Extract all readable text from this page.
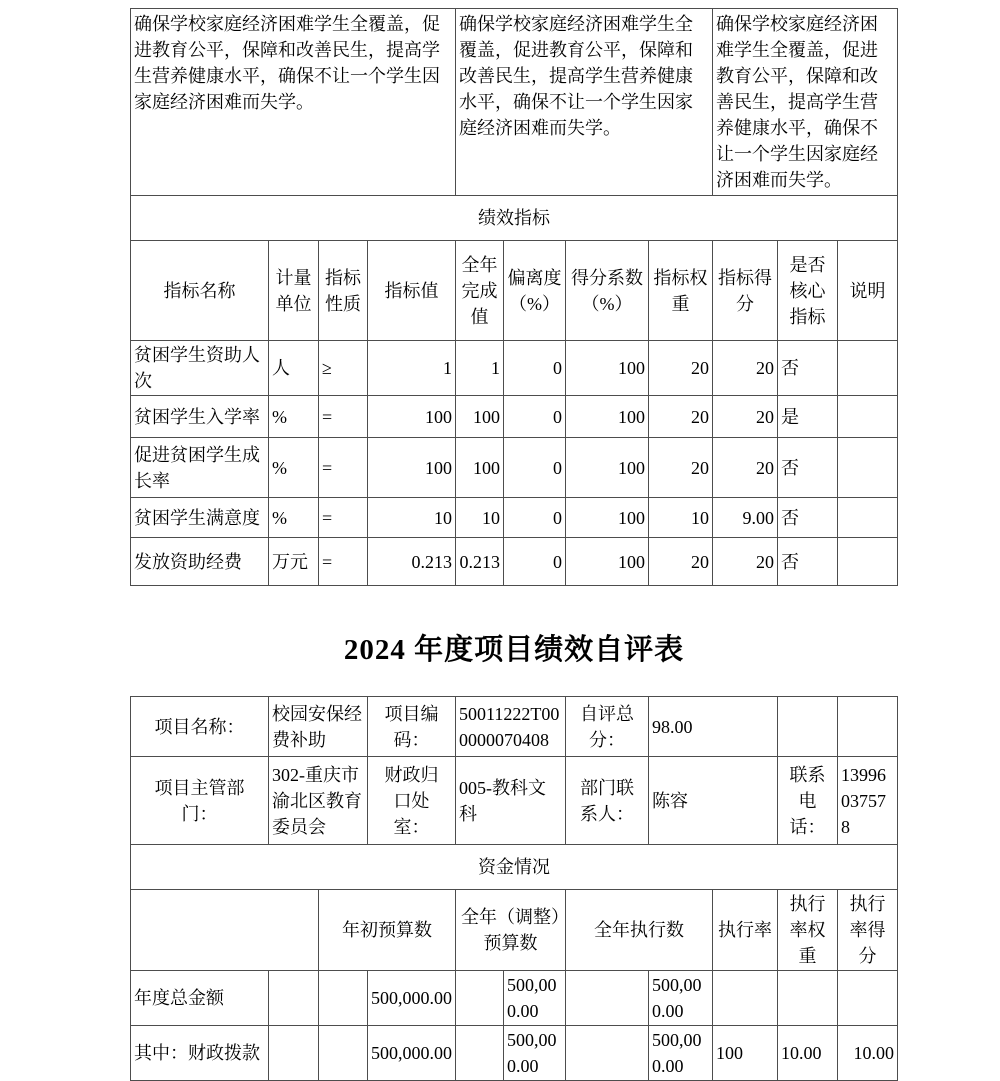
确保学校家庭经济困难学生全覆盖，促进教育公平，保障和改善民生，提高学生营养健康水平，确保不让一个学生因家庭经济困难而失学。				确保学校家庭经济困难学生全覆盖，促进教育公平，保障和改善民生，提高学生营养健康水平，确保不让一个学生因家庭经济困难而失学。				确保学校家庭经济困难学生全覆盖，促进教育公平，保障和改善民生，提高学生营养健康水平，确保不让一个学生因家庭经济困难而失学。		
绩效指标										
指标名称	计量单位	指标性质	指标值	全年完成值	偏离度（%）	得分系数（%）	指标权重	指标得分	是否核心指标	说明
贫困学生资助人次	人	≥	1	1	0	100	20	20	否	
贫困学生入学率	%	=	100	100	0	100	20	20	是	
促进贫困学生成长率	%	=	100	100	0	100	20	20	否	
贫困学生满意度	%	=	10	10	0	100	10	9.00	否	
发放资助经费	万元	=	0.213	0.213	0	100	20	20	否	
2024 年度项目绩效自评表
项目名称：	校园安保经费补助		项目编码：	50011222T000000070408		自评总分：	98.00			
项目主管部门：	302-重庆市渝北区教育委员会		财政归口处室：	005-教科文科		部门联系人：	陈容		联系电话：	13996037578
资金情况										
		年初预算数		全年（调整）预算数		全年执行数		执行率	执行率权重	执行率得分
年度总金额			500,000.00		500,000.00		500,000.00			
其中：财政拨款			500,000.00		500,000.00		500,000.00	100	10.00	10.00
